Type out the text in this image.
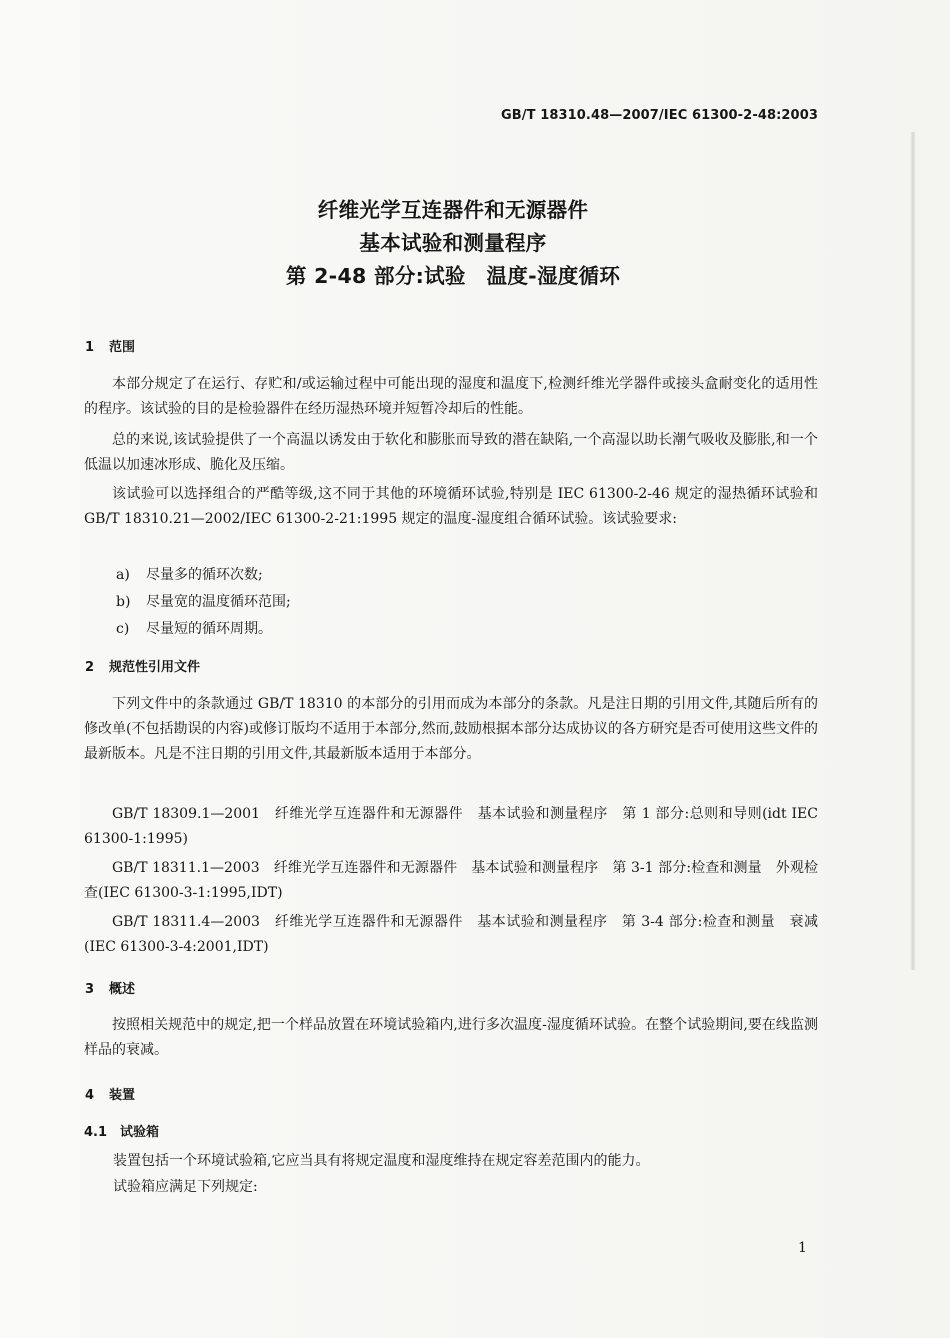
GB/T 18310.48—2007/IEC 61300-2-48:2003
纤维光学互连器件和无源器件
基本试验和测量程序
第 2-48 部分:试验　温度-湿度循环
1 范围
本部分规定了在运行、存贮和/或运输过程中可能出现的湿度和温度下,检测纤维光学器件或接头盒耐变化的适用性的程序。该试验的目的是检验器件在经历湿热环境并短暂冷却后的性能。
总的来说,该试验提供了一个高温以诱发由于软化和膨胀而导致的潜在缺陷,一个高湿以助长潮气吸收及膨胀,和一个低温以加速冰形成、脆化及压缩。
该试验可以选择组合的严酷等级,这不同于其他的环境循环试验,特别是 IEC 61300-2-46 规定的湿热循环试验和 GB/T 18310.21—2002/IEC 61300-2-21:1995 规定的温度-湿度组合循环试验。该试验要求:
a) 尽量多的循环次数;
b) 尽量宽的温度循环范围;
c) 尽量短的循环周期。
2 规范性引用文件
下列文件中的条款通过 GB/T 18310 的本部分的引用而成为本部分的条款。凡是注日期的引用文件,其随后所有的修改单(不包括勘误的内容)或修订版均不适用于本部分,然而,鼓励根据本部分达成协议的各方研究是否可使用这些文件的最新版本。凡是不注日期的引用文件,其最新版本适用于本部分。
GB/T 18309.1—2001　纤维光学互连器件和无源器件　基本试验和测量程序　第 1 部分:总则和导则(idt IEC 61300-1:1995)
GB/T 18311.1—2003　纤维光学互连器件和无源器件　基本试验和测量程序　第 3-1 部分:检查和测量　外观检查(IEC 61300-3-1:1995,IDT)
GB/T 18311.4—2003　纤维光学互连器件和无源器件　基本试验和测量程序　第 3-4 部分:检查和测量　衰减(IEC 61300-3-4:2001,IDT)
3 概述
按照相关规范中的规定,把一个样品放置在环境试验箱内,进行多次温度-湿度循环试验。在整个试验期间,要在线监测样品的衰减。
4 装置
4.1 试验箱
装置包括一个环境试验箱,它应当具有将规定温度和湿度维持在规定容差范围内的能力。
试验箱应满足下列规定:
1
